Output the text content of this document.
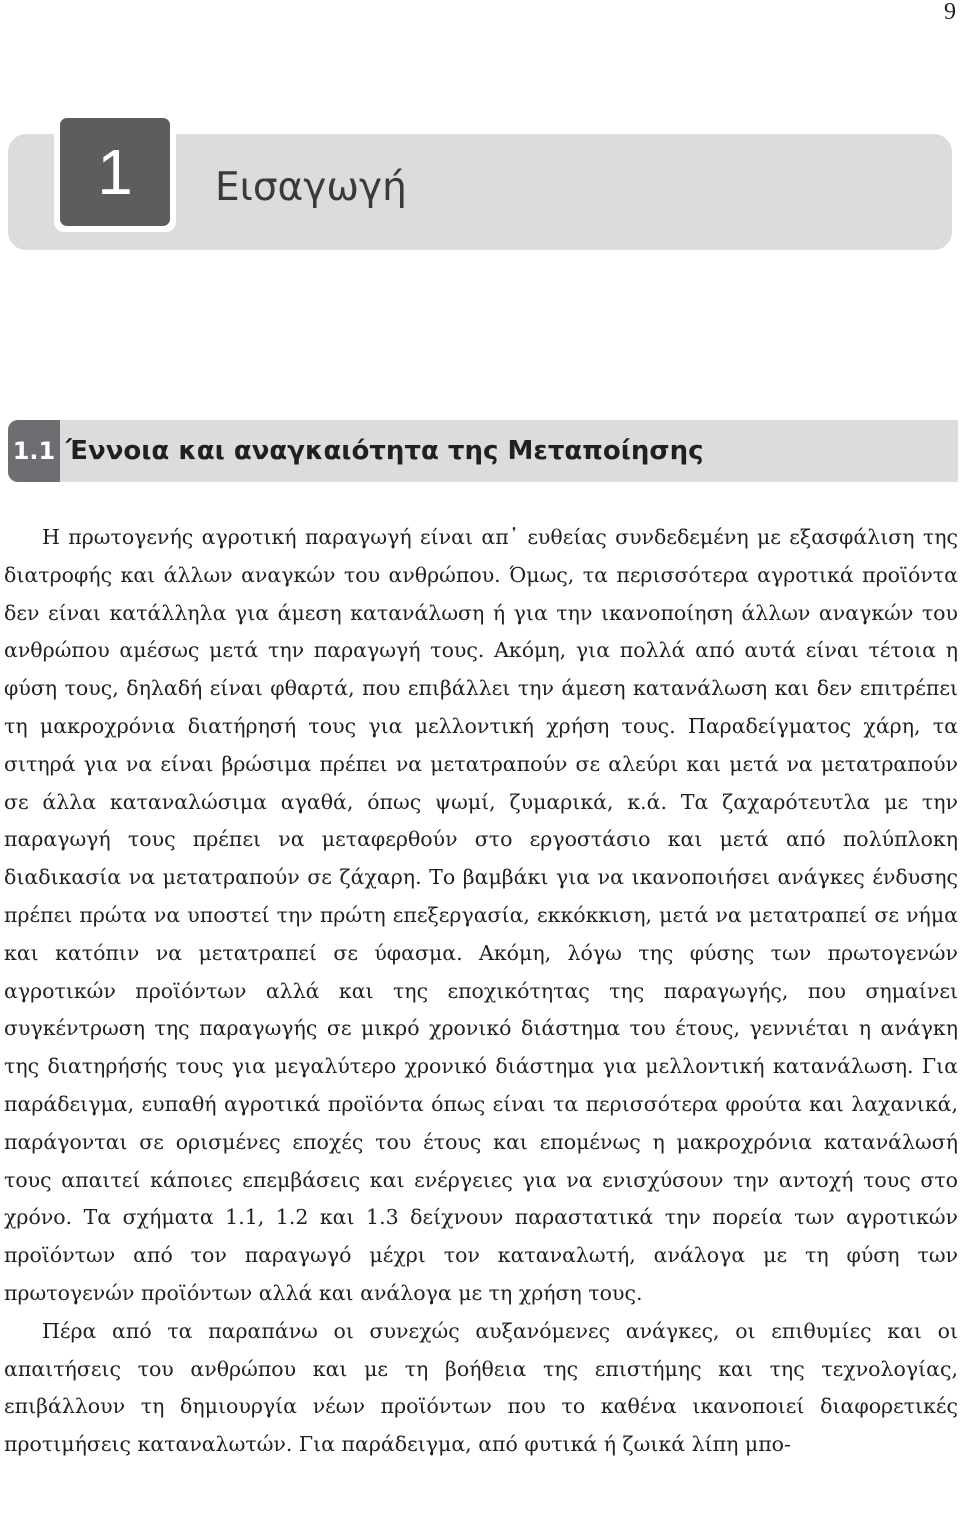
9
1	Εισαγωγή
1.1 Έννοια και αναγκαιότητα της Μεταποίησης

Η πρωτογενής αγροτική παραγωγή είναι απ᾽ ευθείας συνδεδεμένη με εξασφάλιση της διατροφής και άλλων αναγκών του ανθρώπου. Όμως, τα περισσότερα αγροτικά προϊόντα δεν είναι κατάλληλα για άμεση κατανάλωση ή για την ικανοποίηση άλλων αναγκών του ανθρώπου αμέσως μετά την παραγωγή τους. Ακόμη, για πολλά από αυτά είναι τέτοια η φύση τους, δηλαδή είναι φθαρτά, που επιβάλλει την άμεση κατανάλωση και δεν επιτρέπει τη μακροχρόνια διατήρησή τους για μελλοντική χρήση τους. Παραδείγματος χάρη, τα σιτηρά για να είναι βρώσιμα πρέπει να μετατραπούν σε αλεύρι και μετά να μετατραπούν σε άλλα καταναλώσιμα αγαθά, όπως ψωμί, ζυμαρικά, κ.ά. Τα ζαχαρότευτλα με την παραγωγή τους πρέπει να μεταφερθούν στο εργοστάσιο και μετά από πολύπλοκη διαδικασία να μετατραπούν σε ζάχαρη. Το βαμβάκι για να ικανοποιήσει ανάγκες ένδυσης πρέπει πρώτα να υποστεί την πρώτη επεξεργασία, εκκόκκιση, μετά να μετατραπεί σε νήμα και κατόπιν να μετατραπεί σε ύφασμα. Ακόμη, λόγω της φύσης των πρωτογενών αγροτικών προϊόντων αλλά και της εποχικότητας της παραγωγής, που σημαίνει συγκέντρωση της παραγωγής σε μικρό χρονικό διάστημα του έτους, γεννιέται η ανάγκη της διατηρήσής τους για μεγαλύτερο χρονικό διάστημα για μελλοντική κατανάλωση. Για παράδειγμα, ευπαθή αγροτικά προϊόντα όπως είναι τα περισσότερα φρούτα και λαχανικά, παράγονται σε ορισμένες εποχές του έτους και επομένως η μακροχρόνια κατανάλωσή τους απαιτεί κάποιες επεμβάσεις και ενέργειες για να ενισχύσουν την αντοχή τους στο χρόνο. Τα σχήματα 1.1, 1.2 και 1.3 δείχνουν παραστατικά την πορεία των αγροτικών προϊόντων από τον παραγωγό μέχρι τον καταναλωτή, ανάλογα με τη φύση των πρωτογενών προϊόντων αλλά και ανάλογα με τη χρήση τους.

Πέρα από τα παραπάνω οι συνεχώς αυξανόμενες ανάγκες, οι επιθυμίες και οι απαιτήσεις του ανθρώπου και με τη βοήθεια της επιστήμης και της τεχνολογίας, επιβάλλουν τη δημιουργία νέων προϊόντων που το καθένα ικανοποιεί διαφορετικές προτιμήσεις καταναλωτών. Για παράδειγμα, από φυτικά ή ζωικά λίπη μπο-
